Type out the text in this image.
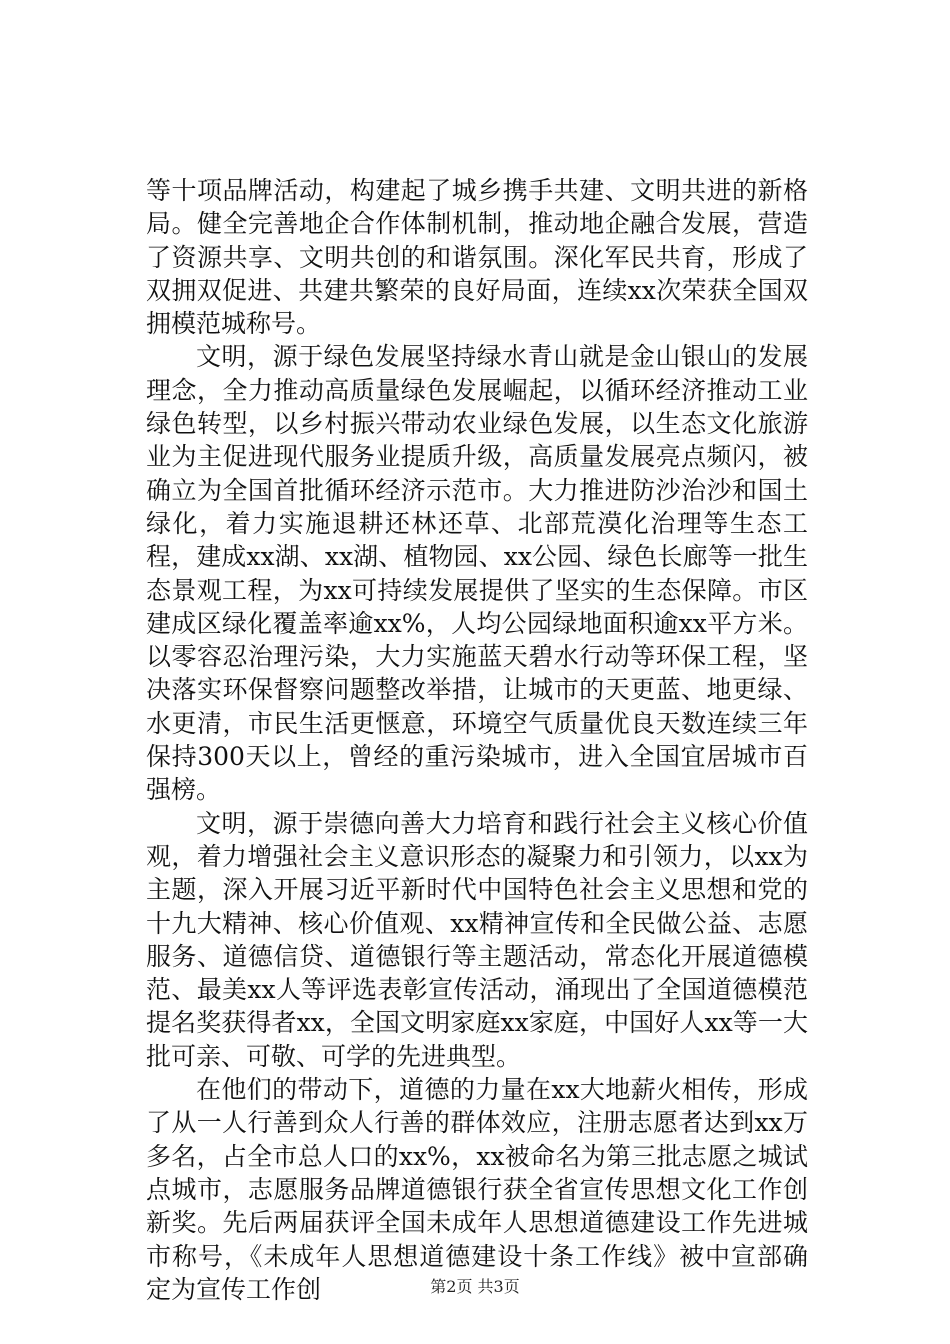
等十项品牌活动，构建起了城乡携手共建、文明共进的新格局。健全完善地企合作体制机制，推动地企融合发展，营造了资源共享、文明共创的和谐氛围。深化军民共育，形成了双拥双促进、共建共繁荣的良好局面，连续xx次荣获全国双拥模范城称号。

文明，源于绿色发展坚持绿水青山就是金山银山的发展理念，全力推动高质量绿色发展崛起，以循环经济推动工业绿色转型，以乡村振兴带动农业绿色发展，以生态文化旅游业为主促进现代服务业提质升级，高质量发展亮点频闪，被确立为全国首批循环经济示范市。大力推进防沙治沙和国土绿化，着力实施退耕还林还草、北部荒漠化治理等生态工程，建成xx湖、xx湖、植物园、xx公园、绿色长廊等一批生态景观工程，为xx可持续发展提供了坚实的生态保障。市区建成区绿化覆盖率逾xx%，人均公园绿地面积逾xx平方米。以零容忍治理污染，大力实施蓝天碧水行动等环保工程，坚决落实环保督察问题整改举措，让城市的天更蓝、地更绿、水更清，市民生活更惬意，环境空气质量优良天数连续三年保持300天以上，曾经的重污染城市，进入全国宜居城市百强榜。

文明，源于崇德向善大力培育和践行社会主义核心价值观，着力增强社会主义意识形态的凝聚力和引领力，以xx为主题，深入开展习近平新时代中国特色社会主义思想和党的十九大精神、核心价值观、xx精神宣传和全民做公益、志愿服务、道德信贷、道德银行等主题活动，常态化开展道德模范、最美xx人等评选表彰宣传活动，涌现出了全国道德模范提名奖获得者xx，全国文明家庭xx家庭，中国好人xx等一大批可亲、可敬、可学的先进典型。

在他们的带动下，道德的力量在xx大地薪火相传，形成了从一人行善到众人行善的群体效应，注册志愿者达到xx万多名，占全市总人口的xx%，xx被命名为第三批志愿之城试点城市，志愿服务品牌道德银行获全省宣传思想文化工作创新奖。先后两届获评全国未成年人思想道德建设工作先进城市称号，《未成年人思想道德建设十条工作线》被中宣部确定为宣传工作创	第2页 共3页
